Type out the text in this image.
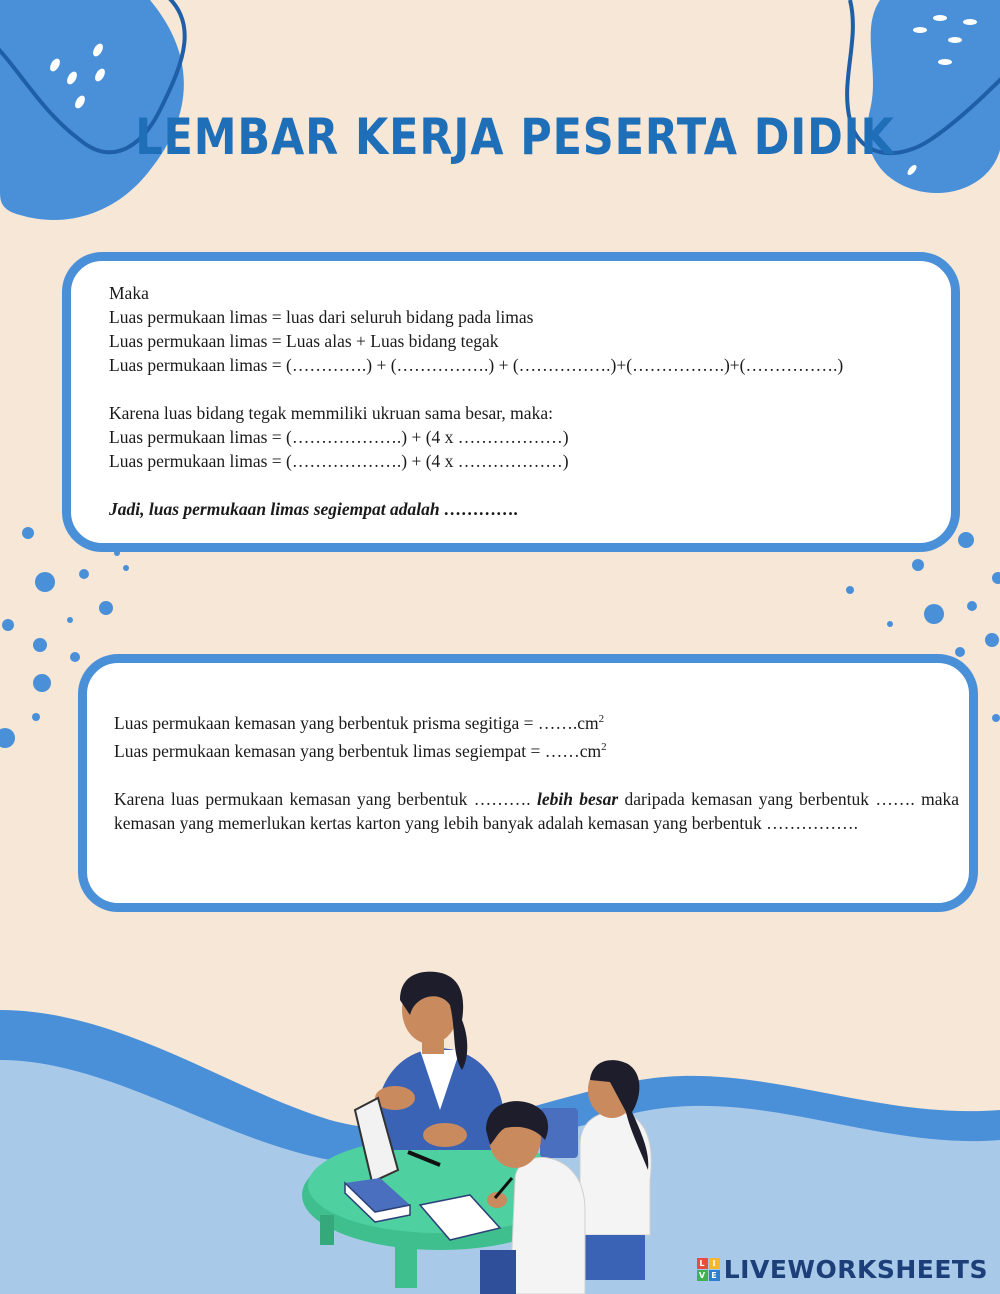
LEMBAR KERJA PESERTA DIDIK
Maka
Luas permukaan limas = luas dari seluruh bidang pada limas
Luas permukaan limas = Luas alas + Luas bidang tegak
Luas permukaan limas = (………….) + (…………….) + (…………….)+(…………….)+(…………….)
Karena luas bidang tegak memmiliki ukruan sama besar, maka:
Luas permukaan limas = (……………….) + (4 x ………………)
Luas permukaan limas = (……………….) + (4 x ………………)
Jadi, luas permukaan limas segiempat adalah ………….
Luas permukaan kemasan yang berbentuk prisma segitiga = $\dots\dots.cm^2$
Luas permukaan kemasan yang berbentuk limas segiempat = $\dots\dots cm^2$
Karena luas permukaan kemasan yang berbentuk ………. lebih besar daripada kemasan yang berbentuk ……. maka kemasan yang memerlukan kertas karton yang lebih banyak adalah kemasan yang berbentuk …………….
L I
V E LIVEWORKSHEETS
